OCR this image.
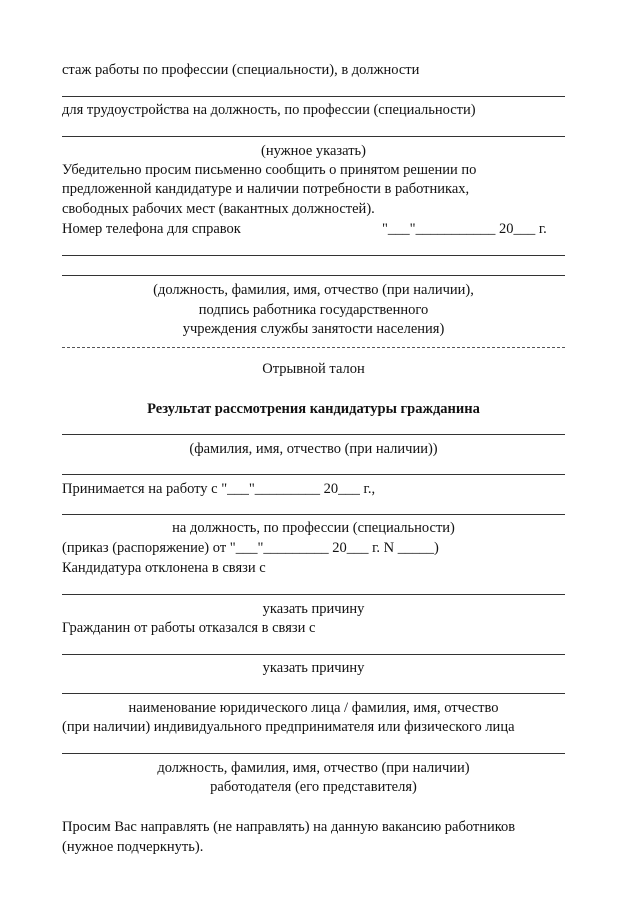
стаж работы по профессии (специальности), в должности
для трудоустройства на должность, по профессии (специальности)
(нужное указать)
Убедительно просим письменно сообщить о принятом решении по
предложенной кандидатуре и наличии потребности в работниках,
свободных рабочих мест (вакантных должностей).
Номер телефона для справок	"___"___________ 20___ г.
(должность, фамилия, имя, отчество (при наличии),
подпись работника государственного
учреждения службы занятости населения)
Отрывной талон
Результат рассмотрения кандидатуры гражданина
(фамилия, имя, отчество (при наличии))
Принимается на работу с "___"_________ 20___ г.,
на должность, по профессии (специальности)
(приказ (распоряжение) от "___"_________ 20___ г. N _____)
Кандидатура отклонена в связи с
указать причину
Гражданин от работы отказался в связи с
указать причину
наименование юридического лица / фамилия, имя, отчество
(при наличии) индивидуального предпринимателя или физического лица
должность, фамилия, имя, отчество (при наличии)
работодателя (его представителя)
Просим Вас направлять (не направлять) на данную вакансию работников
(нужное подчеркнуть).
